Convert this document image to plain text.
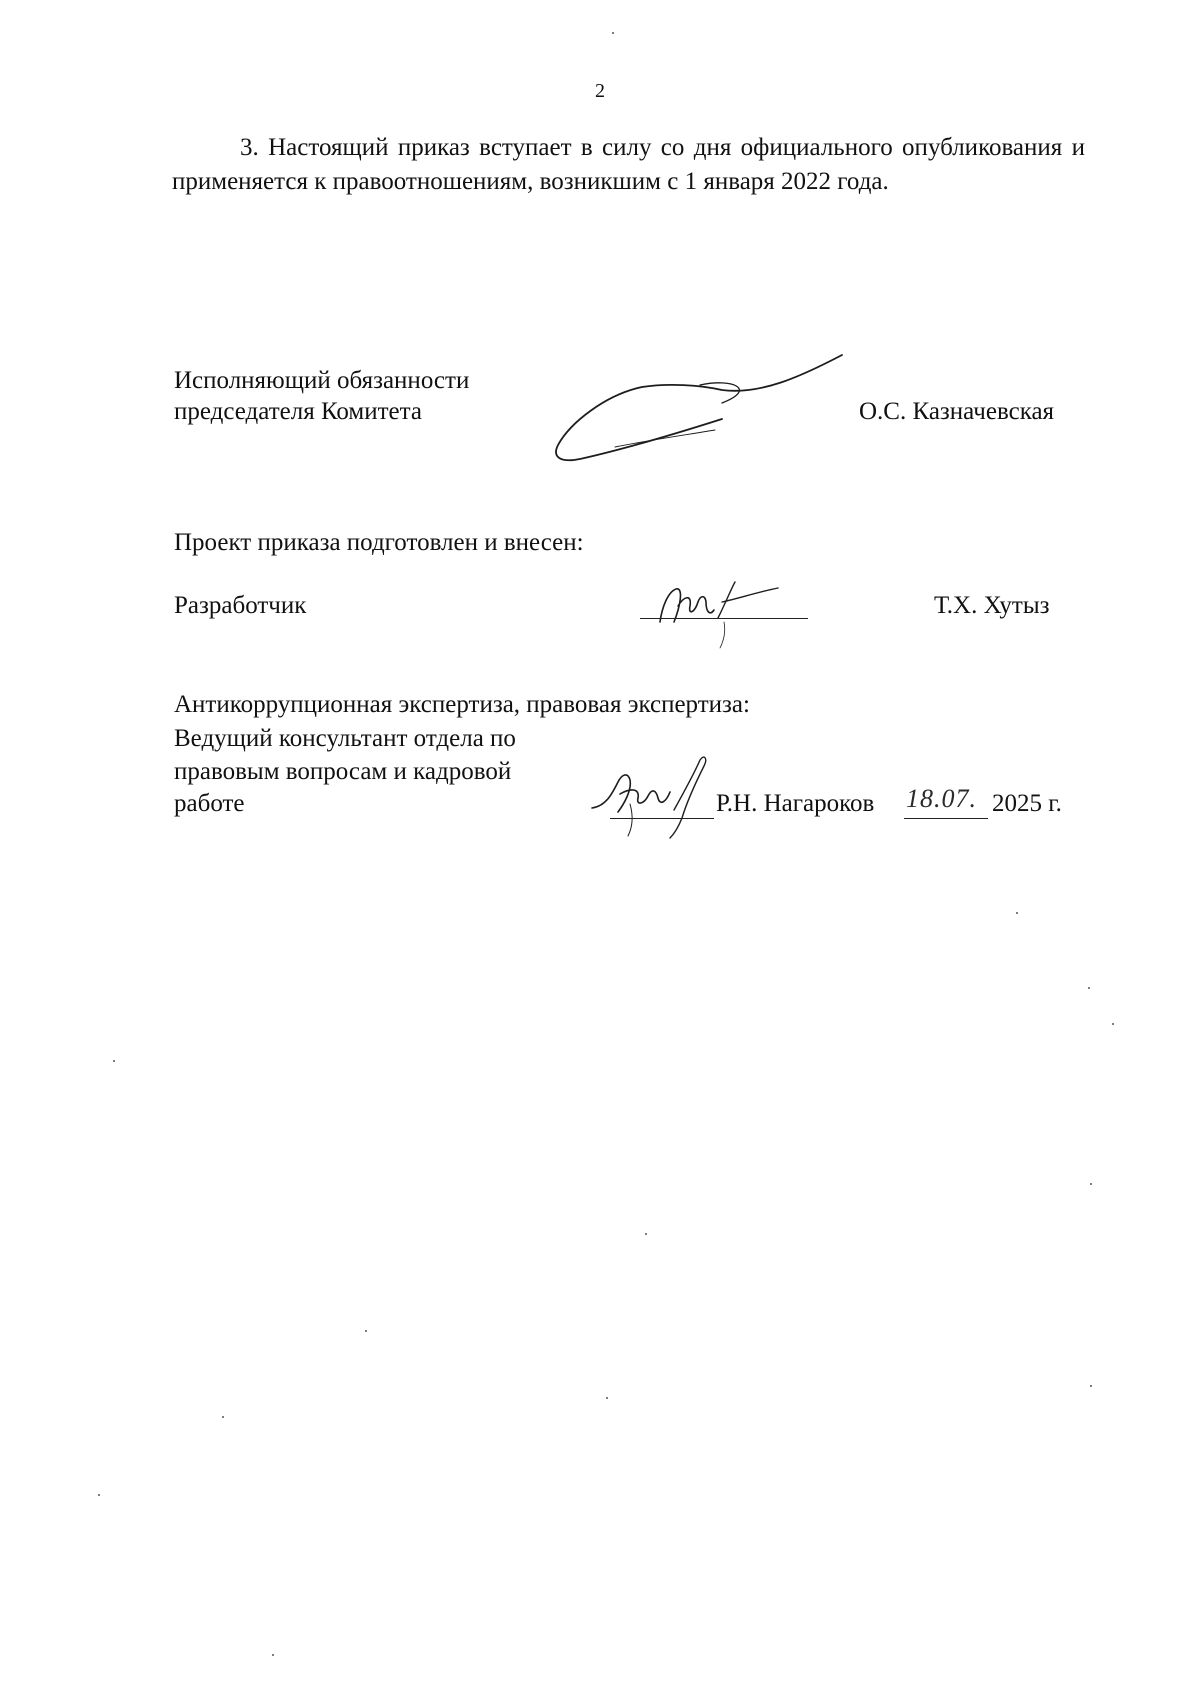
2

3. Настоящий приказ вступает в силу со дня официального опубликования и применяется к правоотношениям, возникшим с 1 января 2022 года.

Исполняющий обязанности
председателя Комитета	О.С. Казначевская
Проект приказа подготовлен и внесен:
Разработчик	Т.Х. Хутыз
Антикоррупционная экспертиза, правовая экспертиза:
Ведущий консультант отдела по
правовым вопросам и кадровой
работе	Р.Н. Нагароков 18.07. 2025 г.
